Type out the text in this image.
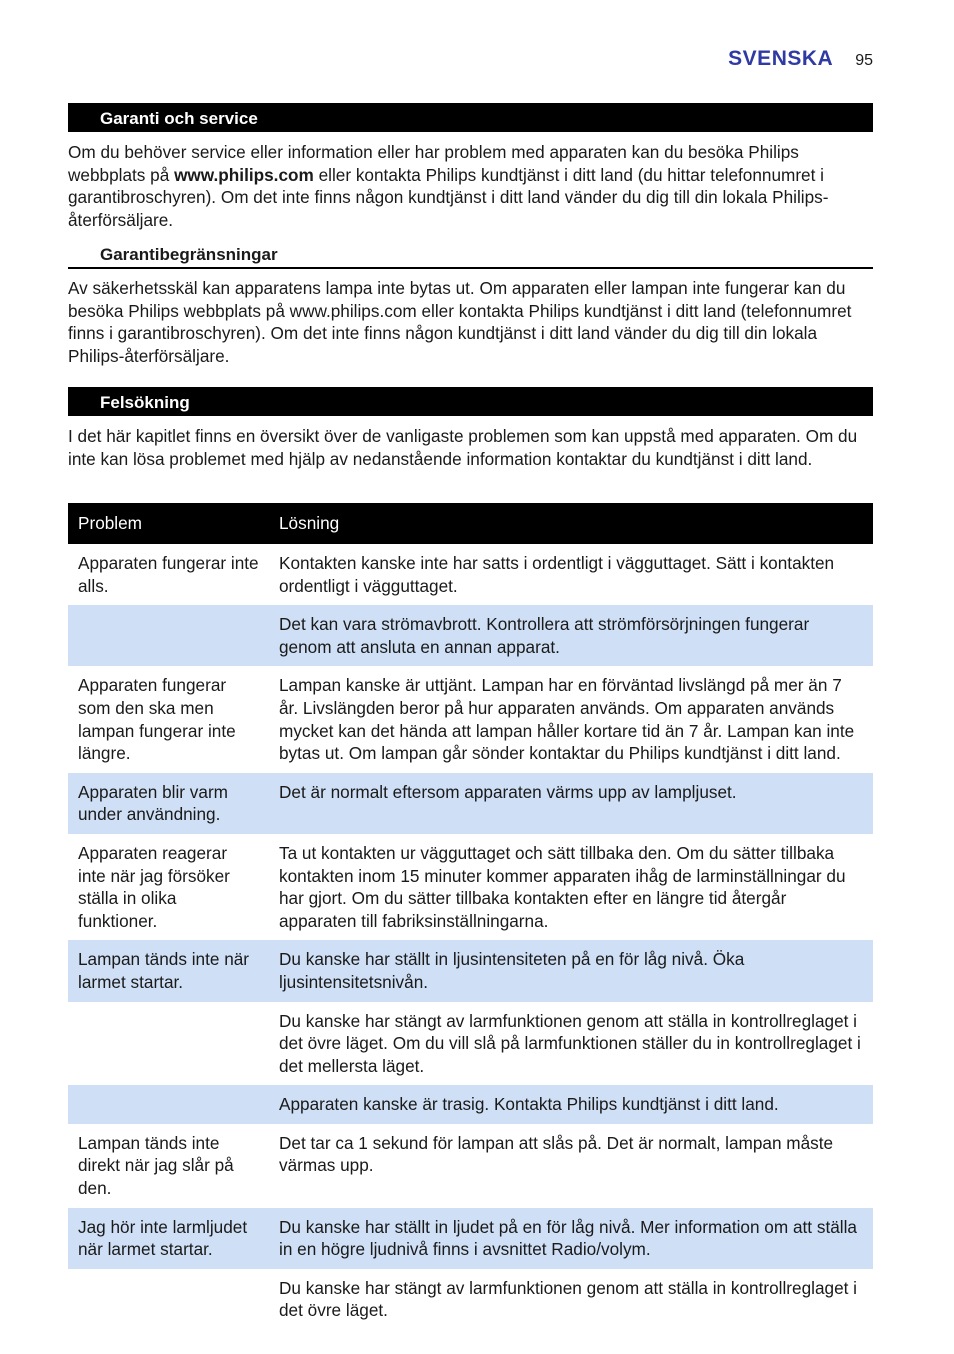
SVENSKA 95
Garanti och service

Om du behöver service eller information eller har problem med apparaten kan du besöka Philips webbplats på www.philips.com eller kontakta Philips kundtjänst i ditt land (du hittar telefonnumret i garantibroschyren). Om det inte finns någon kundtjänst i ditt land vänder du dig till din lokala Philips-återförsäljare.

Garantibegränsningar

Av säkerhetsskäl kan apparatens lampa inte bytas ut. Om apparaten eller lampan inte fungerar kan du besöka Philips webbplats på www.philips.com eller kontakta Philips kundtjänst i ditt land (telefonnumret finns i garantibroschyren). Om det inte finns någon kundtjänst i ditt land vänder du dig till din lokala Philips-återförsäljare.

Felsökning

I det här kapitlet finns en översikt över de vanligaste problemen som kan uppstå med apparaten. Om du inte kan lösa problemet med hjälp av nedanstående information kontaktar du kundtjänst i ditt land.

Problem	Lösning
Apparaten fungerar inte alls.	Kontakten kanske inte har satts i ordentligt i vägguttaget. Sätt i kontakten ordentligt i vägguttaget.
	Det kan vara strömavbrott. Kontrollera att strömförsörjningen fungerar genom att ansluta en annan apparat.
Apparaten fungerar som den ska men lampan fungerar inte längre.	Lampan kanske är uttjänt. Lampan har en förväntad livslängd på mer än 7 år. Livslängden beror på hur apparaten används. Om apparaten används mycket kan det hända att lampan håller kortare tid än 7 år. Lampan kan inte bytas ut. Om lampan går sönder kontaktar du Philips kundtjänst i ditt land.
Apparaten blir varm under användning.	Det är normalt eftersom apparaten värms upp av lampljuset.
Apparaten reagerar inte när jag försöker ställa in olika funktioner.	Ta ut kontakten ur vägguttaget och sätt tillbaka den. Om du sätter tillbaka kontakten inom 15 minuter kommer apparaten ihåg de larminställningar du har gjort. Om du sätter tillbaka kontakten efter en längre tid återgår apparaten till fabriksinställningarna.
Lampan tänds inte när larmet startar.	Du kanske har ställt in ljusintensiteten på en för låg nivå. Öka ljusintensitetsnivån.
	Du kanske har stängt av larmfunktionen genom att ställa in kontrollreglaget i det övre läget. Om du vill slå på larmfunktionen ställer du in kontrollreglaget i det mellersta läget.
	Apparaten kanske är trasig. Kontakta Philips kundtjänst i ditt land.
Lampan tänds inte direkt när jag slår på den.	Det tar ca 1 sekund för lampan att slås på. Det är normalt, lampan måste värmas upp.
Jag hör inte larmljudet när larmet startar.	Du kanske har ställt in ljudet på en för låg nivå. Mer information om att ställa in en högre ljudnivå finns i avsnittet Radio/volym.
	Du kanske har stängt av larmfunktionen genom att ställa in kontrollreglaget i det övre läget.
